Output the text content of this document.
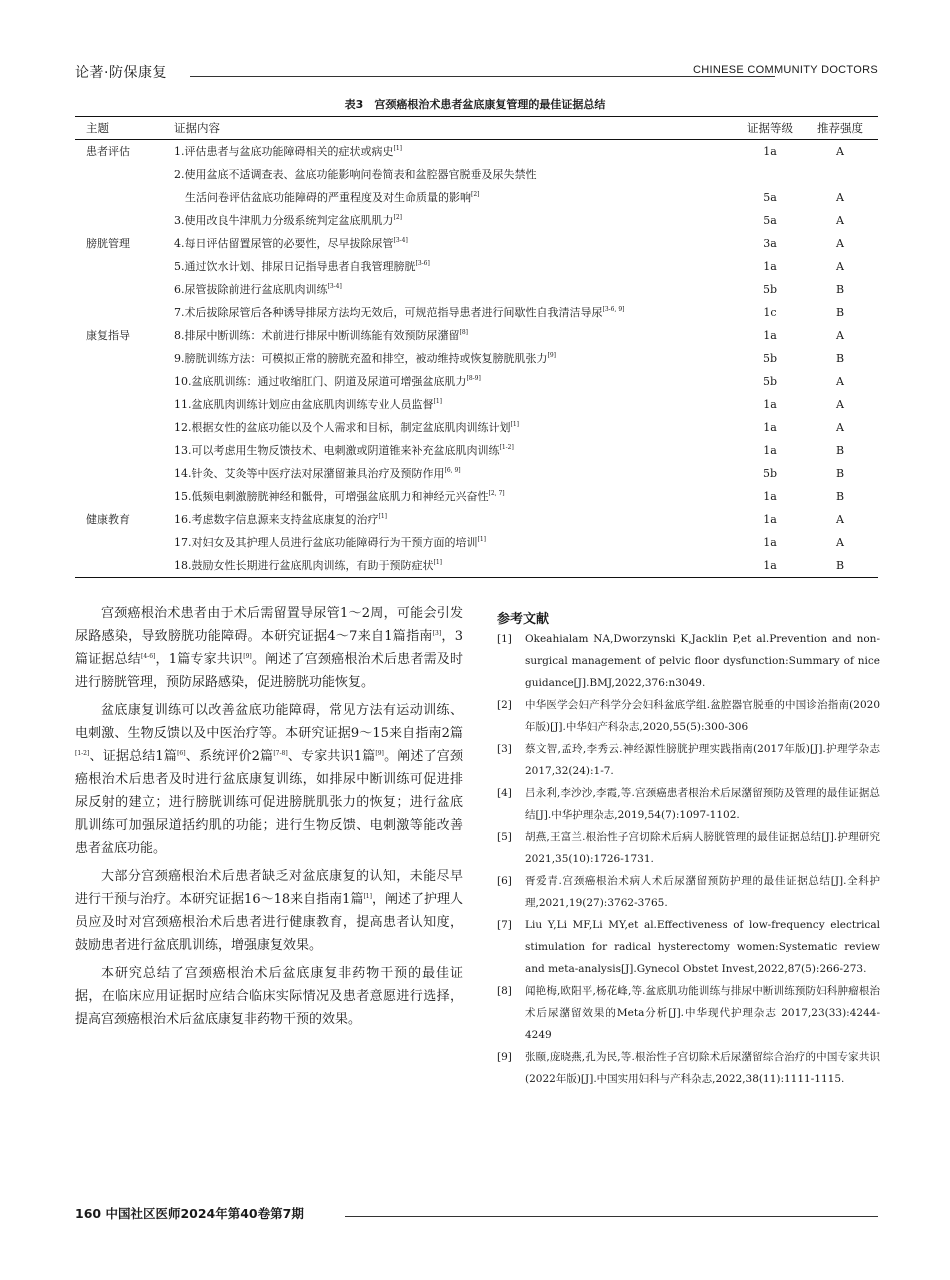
论著·防保康复	CHINESE COMMUNITY DOCTORS
表3　宫颈癌根治术患者盆底康复管理的最佳证据总结
主题	证据内容	证据等级	推荐强度
患者评估	1.评估患者与盆底功能障碍相关的症状或病史[1]	1a	A
2.使用盆底不适调查表、盆底功能影响问卷简表和盆腔器官脱垂及尿失禁性
　生活问卷评估盆底功能障碍的严重程度及对生命质量的影响[2]	5a	A
3.使用改良牛津肌力分级系统判定盆底肌肌力[2]	5a	A
膀胱管理	4.每日评估留置尿管的必要性，尽早拔除尿管[3-4]	3a	A
5.通过饮水计划、排尿日记指导患者自我管理膀胱[3-6]	1a	A
6.尿管拔除前进行盆底肌肉训练[3-4]	5b	B
7.术后拔除尿管后各种诱导排尿方法均无效后，可规范指导患者进行间歇性自我清洁导尿[3-6, 9]	1c	B
康复指导	8.排尿中断训练：术前进行排尿中断训练能有效预防尿潴留[8]	1a	A
9.膀胱训练方法：可模拟正常的膀胱充盈和排空，被动维持或恢复膀胱肌张力[9]	5b	B
10.盆底肌训练：通过收缩肛门、阴道及尿道可增强盆底肌力[8-9]	5b	A
11.盆底肌肉训练计划应由盆底肌肉训练专业人员监督[1]	1a	A
12.根据女性的盆底功能以及个人需求和目标，制定盆底肌肉训练计划[1]	1a	A
13.可以考虑用生物反馈技术、电刺激或阴道锥来补充盆底肌肉训练[1-2]	1a	B
14.针灸、艾灸等中医疗法对尿潴留兼具治疗及预防作用[6, 9]	5b	B
15.低频电刺激膀胱神经和骶骨，可增强盆底肌力和神经元兴奋性[2, 7]	1a	B
健康教育	16.考虑数字信息源来支持盆底康复的治疗[1]	1a	A
17.对妇女及其护理人员进行盆底功能障碍行为干预方面的培训[1]	1a	A
18.鼓励女性长期进行盆底肌肉训练，有助于预防症状[1]	1a	B

宫颈癌根治术患者由于术后需留置导尿管1～2周，可能会引发尿路感染，导致膀胱功能障碍。本研究证据4～7来自1篇指南[3]，3篇证据总结[4-6]，1篇专家共识[9]。阐述了宫颈癌根治术后患者需及时进行膀胱管理，预防尿路感染，促进膀胱功能恢复。

盆底康复训练可以改善盆底功能障碍，常见方法有运动训练、电刺激、生物反馈以及中医治疗等。本研究证据9～15来自指南2篇[1-2]、证据总结1篇[6]、系统评价2篇[7-8]、专家共识1篇[9]。阐述了宫颈癌根治术后患者及时进行盆底康复训练，如排尿中断训练可促进排尿反射的建立；进行膀胱训练可促进膀胱肌张力的恢复；进行盆底肌训练可加强尿道括约肌的功能；进行生物反馈、电刺激等能改善患者盆底功能。

大部分宫颈癌根治术后患者缺乏对盆底康复的认知，未能尽早进行干预与治疗。本研究证据16～18来自指南1篇[1]，阐述了护理人员应及时对宫颈癌根治术后患者进行健康教育，提高患者认知度，鼓励患者进行盆底肌训练，增强康复效果。

本研究总结了宫颈癌根治术后盆底康复非药物干预的最佳证据，在临床应用证据时应结合临床实际情况及患者意愿进行选择，提高宫颈癌根治术后盆底康复非药物干预的效果。

参考文献
[1]	Okeahialam NA,Dworzynski K,Jacklin P,et al.Prevention and non-surgical management of pelvic floor dysfunction:Summary of nice guidance[J].BMJ,2022,376:n3049.
[2]	中华医学会妇产科学分会妇科盆底学组.盆腔器官脱垂的中国诊治指南(2020年版)[J].中华妇产科杂志,2020,55(5):300-306
[3]	蔡文智,孟玲,李秀云.神经源性膀胱护理实践指南(2017年版)[J].护理学杂志 2017,32(24):1-7.
[4]	吕永利,李沙沙,李霞,等.宫颈癌患者根治术后尿潴留预防及管理的最佳证据总结[J].中华护理杂志,2019,54(7):1097-1102.
[5]	胡燕,王富兰.根治性子宫切除术后病人膀胱管理的最佳证据总结[J].护理研究 2021,35(10):1726-1731.
[6]	胥爱青.宫颈癌根治术病人术后尿潴留预防护理的最佳证据总结[J].全科护理,2021,19(27):3762-3765.
[7]	Liu Y,Li MF,Li MY,et al.Effectiveness of low-frequency electrical stimulation for radical hysterectomy women:Systematic review and meta-analysis[J].Gynecol Obstet Invest,2022,87(5):266-273.
[8]	闻艳梅,欧阳平,杨花峰,等.盆底肌功能训练与排尿中断训练预防妇科肿瘤根治术后尿潴留效果的Meta分析[J].中华现代护理杂志 2017,23(33):4244-4249
[9]	张颐,庞晓燕,孔为民,等.根治性子宫切除术后尿潴留综合治疗的中国专家共识(2022年版)[J].中国实用妇科与产科杂志,2022,38(11):1111-1115.
160 中国社区医师2024年第40卷第7期
